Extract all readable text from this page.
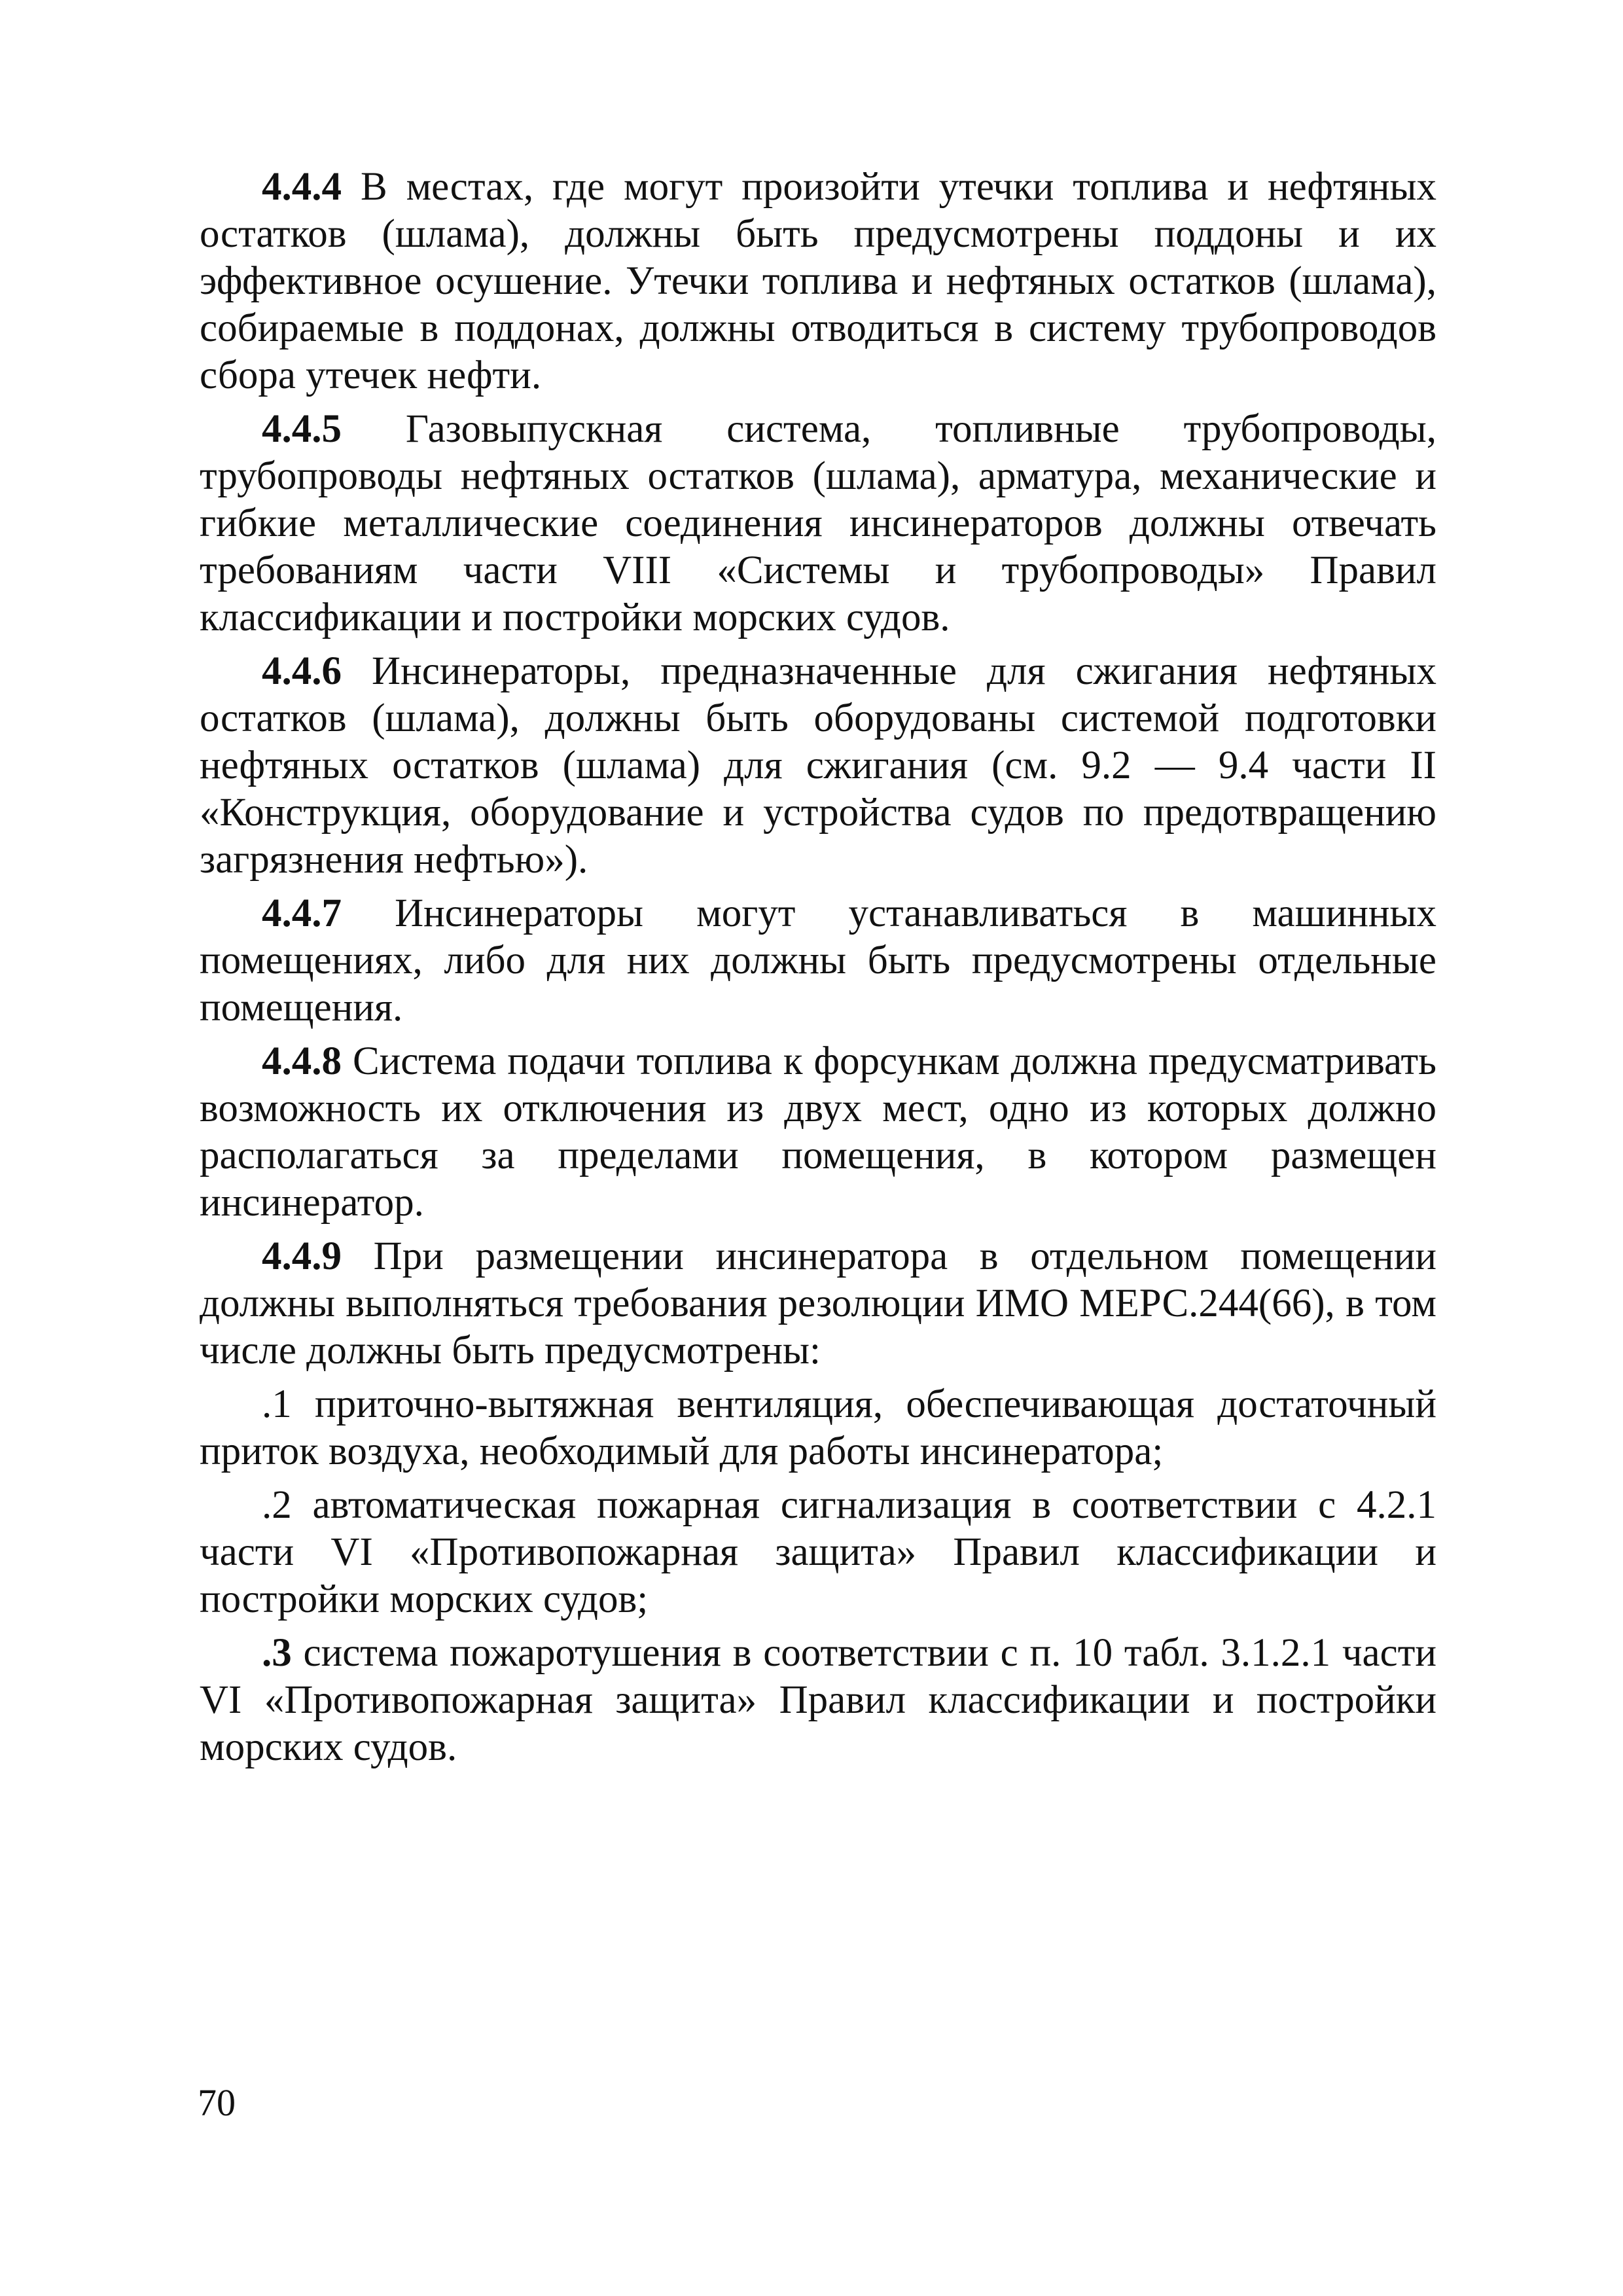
4.4.4 В местах, где могут произойти утечки топлива и нефтяных остатков (шлама), должны быть предусмотрены поддоны и их эффективное осушение. Утечки топлива и нефтяных остатков (шлама), собираемые в поддонах, должны отводиться в систему трубопроводов сбора утечек нефти.

4.4.5 Газовыпускная система, топливные трубопроводы, трубопроводы нефтяных остатков (шлама), арматура, механические и гибкие металлические соединения инсинераторов должны отвечать требованиям части VIII «Системы и трубопроводы» Правил классификации и постройки морских судов.

4.4.6 Инсинераторы, предназначенные для сжигания нефтяных остатков (шлама), должны быть оборудованы системой подготовки нефтяных остатков (шлама) для сжигания (см. 9.2 — 9.4 части II «Конструкция, оборудование и устройства судов по предотвращению загрязнения нефтью»).

4.4.7 Инсинераторы могут устанавливаться в машинных помещениях, либо для них должны быть предусмотрены отдельные помещения.

4.4.8 Система подачи топлива к форсункам должна предусматривать возможность их отключения из двух мест, одно из которых должно располагаться за пределами помещения, в котором размещен инсинератор.

4.4.9 При размещении инсинератора в отдельном помещении должны выполняться требования резолюции ИМО МЕРС.244(66), в том числе должны быть предусмотрены:

.1 приточно-вытяжная вентиляция, обеспечивающая достаточный приток воздуха, необходимый для работы инсинератора;

.2 автоматическая пожарная сигнализация в соответствии с 4.2.1 части VI «Противопожарная защита» Правил классификации и постройки морских судов;

.3 система пожаротушения в соответствии с п. 10 табл. 3.1.2.1 части VI «Противопожарная защита» Правил классификации и постройки морских судов.

70
